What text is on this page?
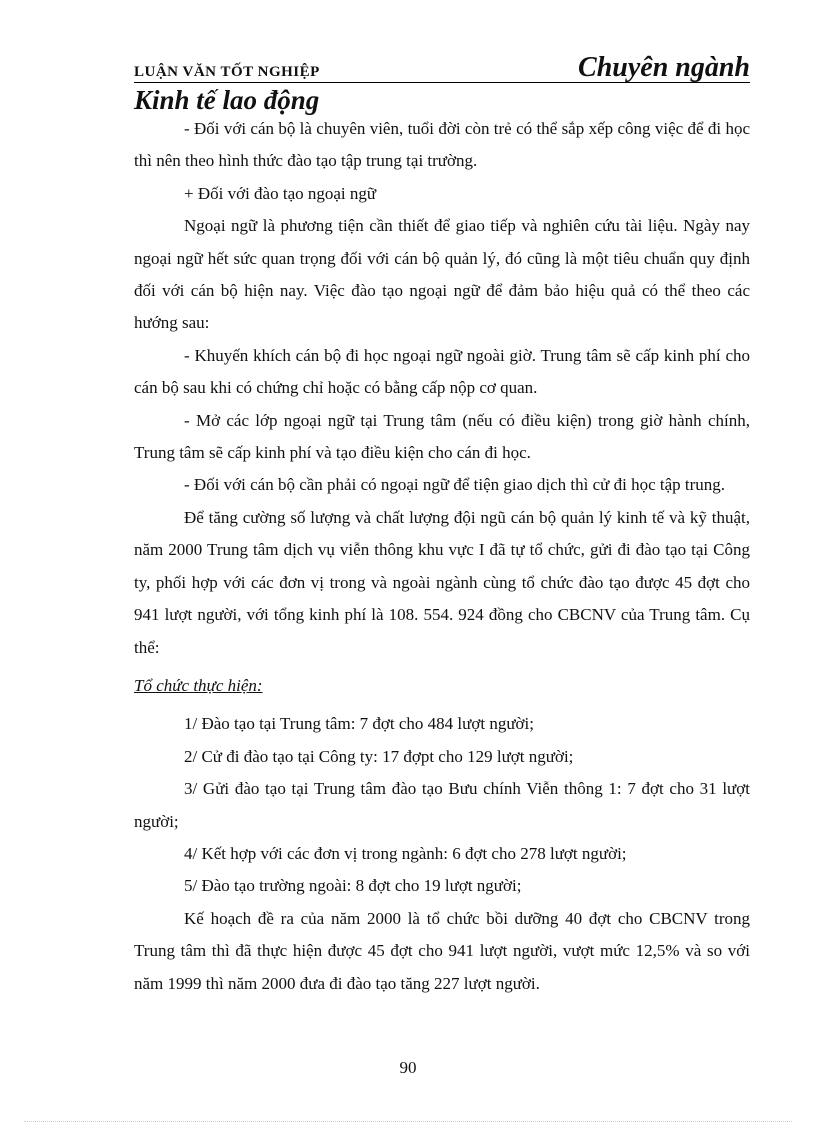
LUẬN VĂN TỐT NGHIỆP	Chuyên ngành
Kinh tế lao động

- Đối với cán bộ là chuyên viên, tuổi đời còn trẻ có thể sắp xếp công việc để đi học thì nên theo hình thức đào tạo tập trung tại trường.

+ Đối với đào tạo ngoại ngữ

Ngoại ngữ là phương tiện cần thiết để giao tiếp và nghiên cứu tài liệu. Ngày nay ngoại ngữ hết sức quan trọng đối với cán bộ quản lý, đó cũng là một tiêu chuẩn quy định đối với cán bộ hiện nay. Việc đào tạo ngoại ngữ để đảm bảo hiệu quả có thể theo các hướng sau:

- Khuyến khích cán bộ đi học ngoại ngữ ngoài giờ. Trung tâm sẽ cấp kinh phí cho cán bộ sau khi có chứng chỉ hoặc có bằng cấp nộp cơ quan.

- Mở các lớp ngoại ngữ tại Trung tâm (nếu có điều kiện) trong giờ hành chính, Trung tâm sẽ cấp kinh phí và tạo điều kiện cho cán đi học.

- Đối với cán bộ cần phải có ngoại ngữ để tiện giao dịch thì cử đi học tập trung.

Để tăng cường số lượng và chất lượng đội ngũ cán bộ quản lý kinh tế và kỹ thuật, năm 2000 Trung tâm dịch vụ viễn thông khu vực I đã tự tổ chức, gửi đi đào tạo tại Công ty, phối hợp với các đơn vị trong và ngoài ngành cùng tổ chức đào tạo được 45 đợt cho 941 lượt người, với tổng kinh phí là 108. 554. 924 đồng cho CBCNV của Trung tâm. Cụ thể:

Tổ chức thực hiện:

1/ Đào tạo tại Trung tâm: 7 đợt cho 484 lượt người;

2/ Cử đi đào tạo tại Công ty: 17 đợpt cho 129 lượt người;

3/ Gửi đào tạo tại Trung tâm đào tạo Bưu chính Viễn thông 1: 7 đợt cho 31 lượt người;

4/ Kết hợp với các đơn vị trong ngành: 6 đợt cho 278 lượt người;

5/ Đào tạo trường ngoài: 8 đợt cho 19 lượt người;

Kế hoạch đề ra của năm 2000 là tổ chức bồi dưỡng 40 đợt cho CBCNV trong Trung tâm thì đã thực hiện được 45 đợt cho 941 lượt người, vượt mức 12,5% và so với năm 1999 thì năm 2000 đưa đi đào tạo tăng 227 lượt người.

90
